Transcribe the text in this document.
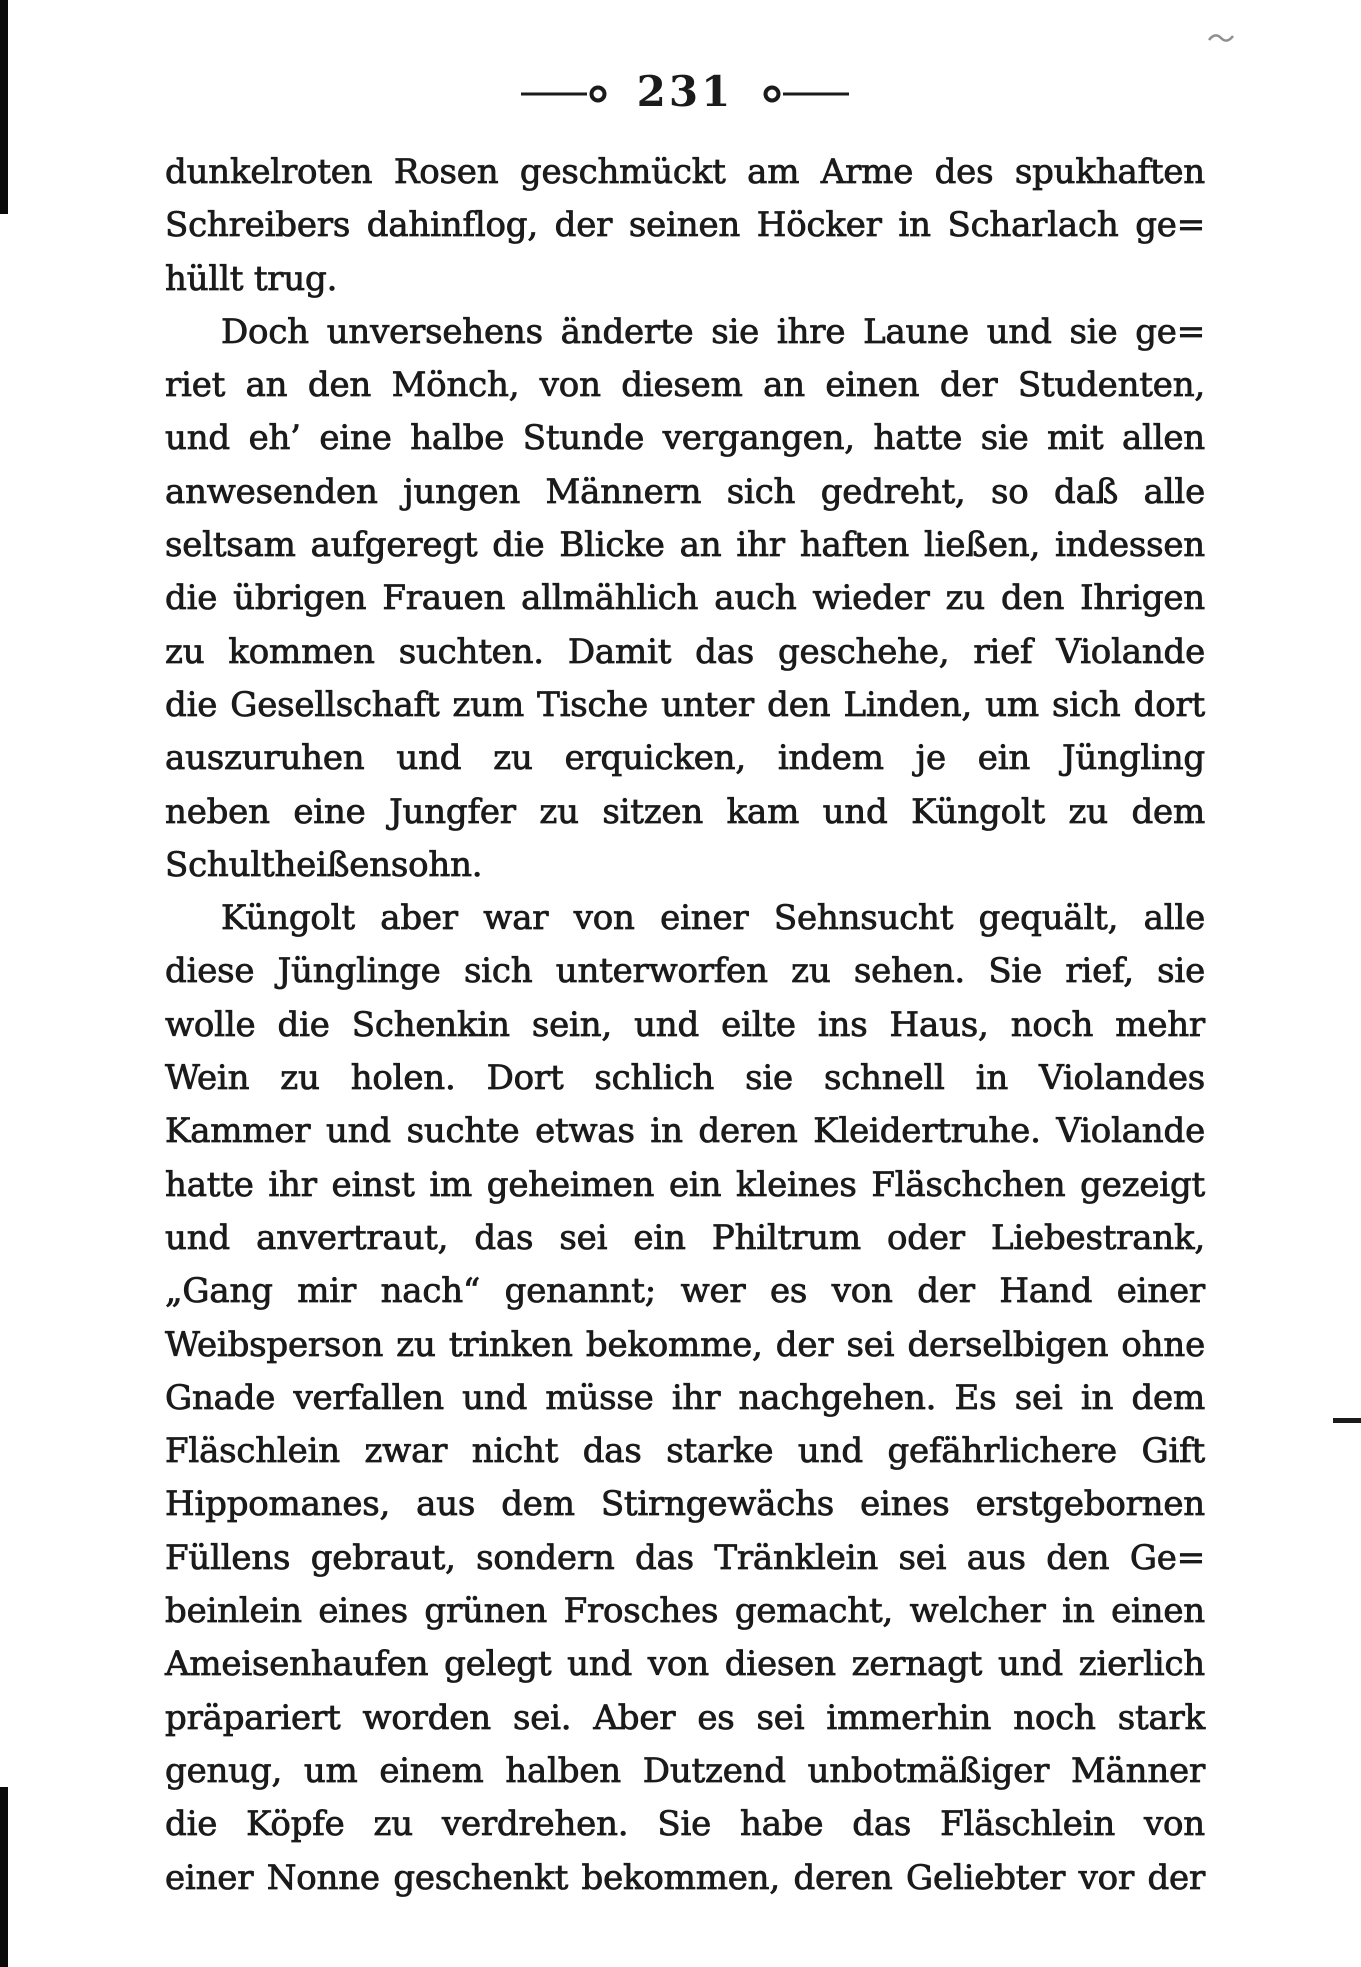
231
dunkelroten Rosen geschmückt am Arme des spukhaften
Schreibers dahinflog, der seinen Höcker in Scharlach ge=
hüllt trug.
Doch unversehens änderte sie ihre Laune und sie ge=
riet an den Mönch, von diesem an einen der Studenten,
und eh’ eine halbe Stunde vergangen, hatte sie mit allen
anwesenden jungen Männern sich gedreht, so daß alle
seltsam aufgeregt die Blicke an ihr haften ließen, indessen
die übrigen Frauen allmählich auch wieder zu den Ihrigen
zu kommen suchten. Damit das geschehe, rief Violande
die Gesellschaft zum Tische unter den Linden, um sich dort
auszuruhen und zu erquicken, indem je ein Jüngling
neben eine Jungfer zu sitzen kam und Küngolt zu dem
Schultheißensohn.
Küngolt aber war von einer Sehnsucht gequält, alle
diese Jünglinge sich unterworfen zu sehen. Sie rief, sie
wolle die Schenkin sein, und eilte ins Haus, noch mehr
Wein zu holen. Dort schlich sie schnell in Violandes
Kammer und suchte etwas in deren Kleidertruhe. Violande
hatte ihr einst im geheimen ein kleines Fläschchen gezeigt
und anvertraut, das sei ein Philtrum oder Liebestrank,
„Gang mir nach“ genannt; wer es von der Hand einer
Weibsperson zu trinken bekomme, der sei derselbigen ohne
Gnade verfallen und müsse ihr nachgehen. Es sei in dem
Fläschlein zwar nicht das starke und gefährlichere Gift
Hippomanes, aus dem Stirngewächs eines erstgebornen
Füllens gebraut, sondern das Tränklein sei aus den Ge=
beinlein eines grünen Frosches gemacht, welcher in einen
Ameisenhaufen gelegt und von diesen zernagt und zierlich
präpariert worden sei. Aber es sei immerhin noch stark
genug, um einem halben Dutzend unbotmäßiger Männer
die Köpfe zu verdrehen. Sie habe das Fläschlein von
einer Nonne geschenkt bekommen, deren Geliebter vor der
